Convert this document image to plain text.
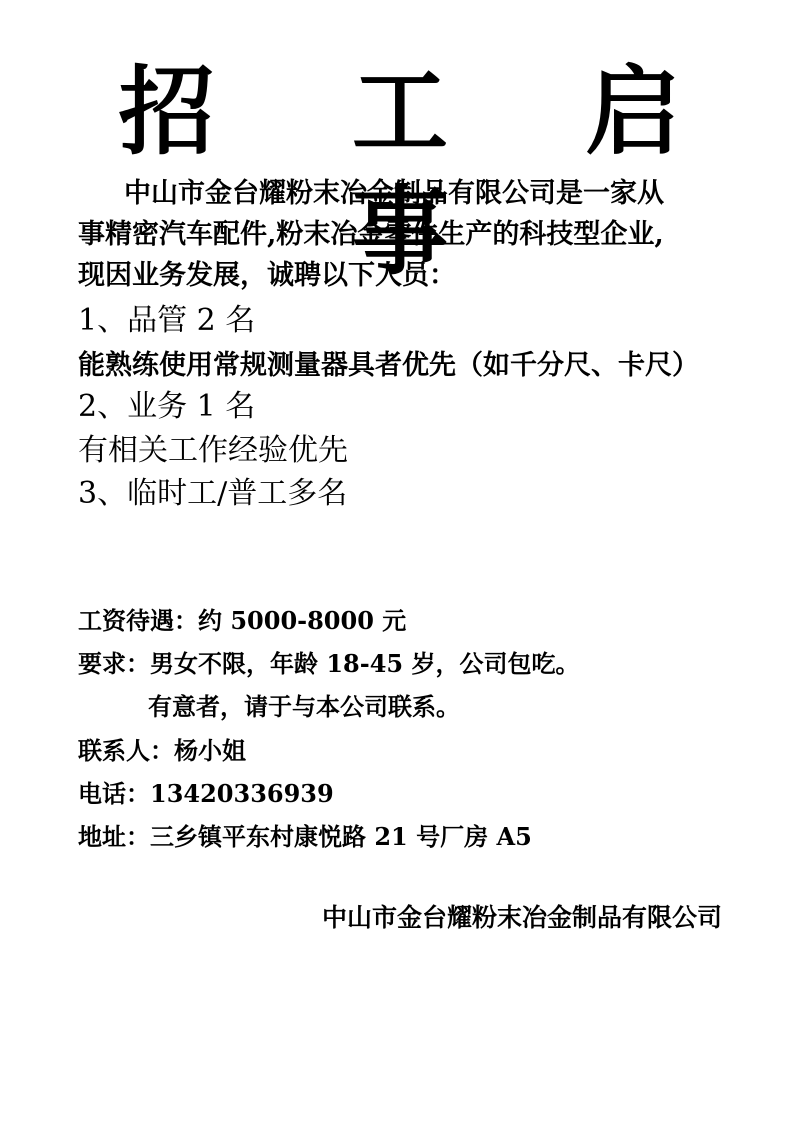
招 工 启 事
中山市金台耀粉末冶金制品有限公司是一家从
事精密汽车配件,粉末冶金零件生产的科技型企业,
现因业务发展，诚聘以下人员：
1、品管 2 名
能熟练使用常规测量器具者优先（如千分尺、卡尺）
2、业务 1 名
有相关工作经验优先
3、临时工/普工多名
工资待遇：约 5000-8000 元
要求：男女不限，年龄 18-45 岁，公司包吃。
有意者，请于与本公司联系。
联系人：杨小姐
电话：13420336939
地址：三乡镇平东村康悦路 21 号厂房 A5
中山市金台耀粉末冶金制品有限公司
